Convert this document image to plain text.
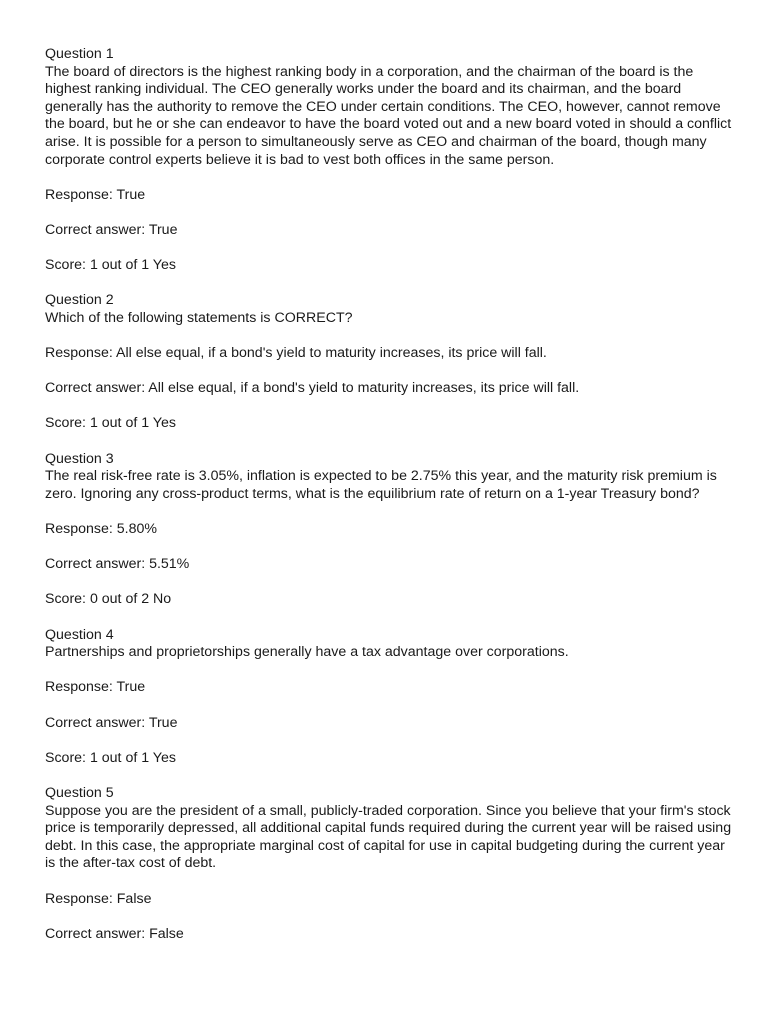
Question 1

The board of directors is the highest ranking body in a corporation, and the chairman of the board is the highest ranking individual. The CEO generally works under the board and its chairman, and the board generally has the authority to remove the CEO under certain conditions. The CEO, however, cannot remove the board, but he or she can endeavor to have the board voted out and a new board voted in should a conflict arise. It is possible for a person to simultaneously serve as CEO and chairman of the board, though many corporate control experts believe it is bad to vest both offices in the same person.

Response: True

Correct answer: True

Score: 1 out of 1 Yes

Question 2

Which of the following statements is CORRECT?

Response: All else equal, if a bond's yield to maturity increases, its price will fall.

Correct answer: All else equal, if a bond's yield to maturity increases, its price will fall.

Score: 1 out of 1 Yes

Question 3

The real risk-free rate is 3.05%, inflation is expected to be 2.75% this year, and the maturity risk premium is zero. Ignoring any cross-product terms, what is the equilibrium rate of return on a 1-year Treasury bond?

Response: 5.80%

Correct answer: 5.51%

Score: 0 out of 2 No

Question 4

Partnerships and proprietorships generally have a tax advantage over corporations.

Response: True

Correct answer: True

Score: 1 out of 1 Yes

Question 5

Suppose you are the president of a small, publicly-traded corporation. Since you believe that your firm's stock price is temporarily depressed, all additional capital funds required during the current year will be raised using debt. In this case, the appropriate marginal cost of capital for use in capital budgeting during the current year is the after-tax cost of debt.

Response: False

Correct answer: False
